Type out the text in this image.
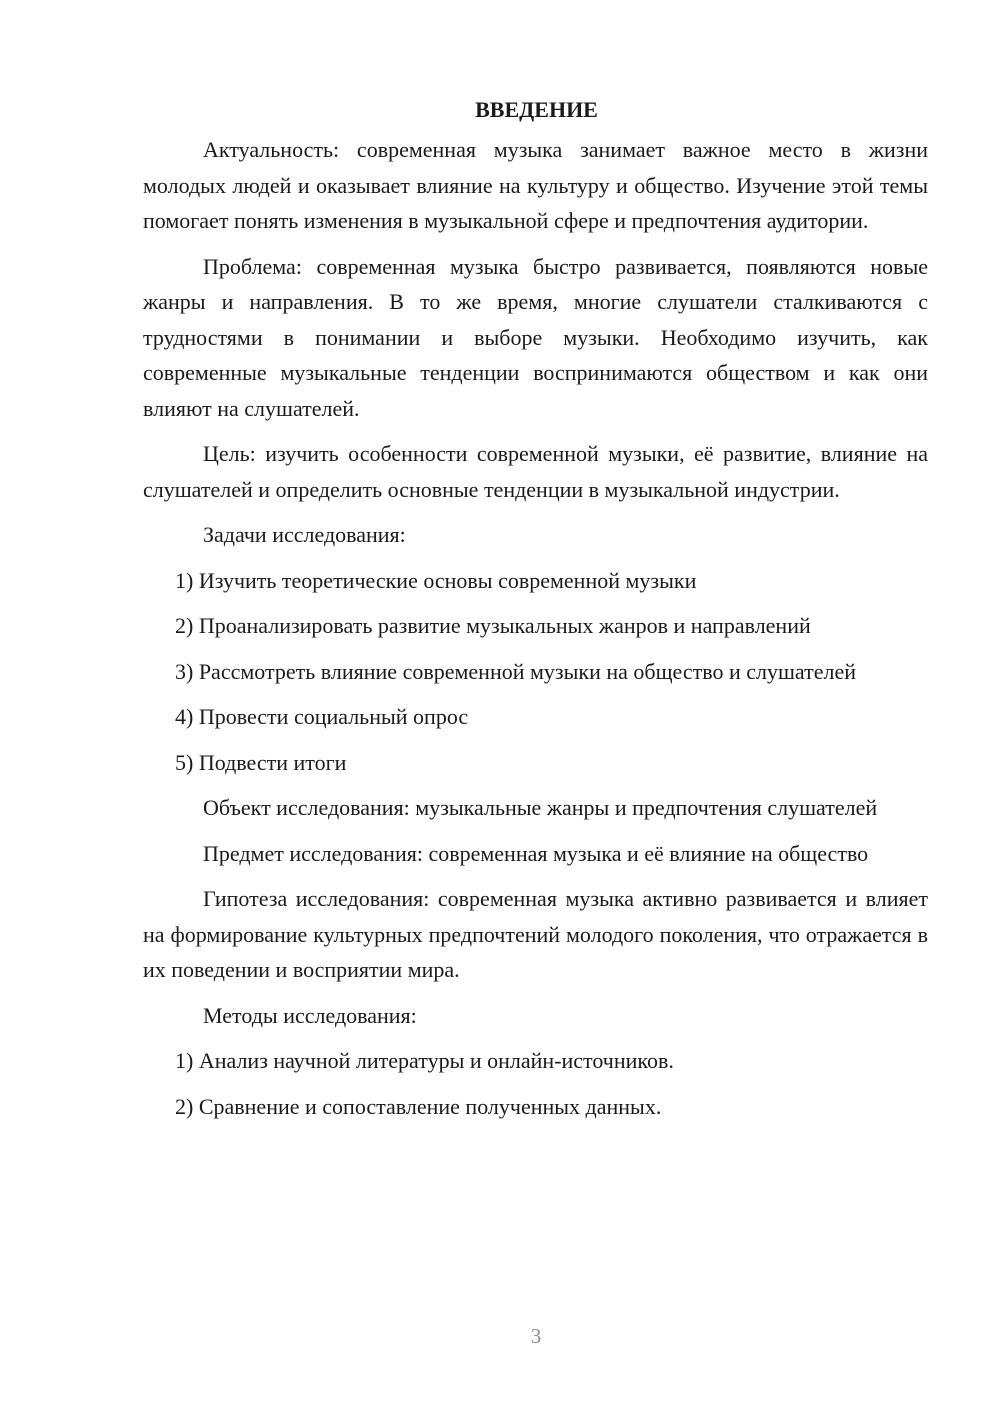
ВВЕДЕНИЕ

Актуальность: современная музыка занимает важное место в жизни молодых людей и оказывает влияние на культуру и общество. Изучение этой темы помогает понять изменения в музыкальной сфере и предпочтения аудитории.

Проблема: современная музыка быстро развивается, появляются новые жанры и направления. В то же время, многие слушатели сталкиваются с трудностями в понимании и выборе музыки. Необходимо изучить, как современные музыкальные тенденции воспринимаются обществом и как они влияют на слушателей.

Цель: изучить особенности современной музыки, её развитие, влияние на слушателей и определить основные тенденции в музыкальной индустрии.

Задачи исследования:

1) Изучить теоретические основы современной музыки

2) Проанализировать развитие музыкальных жанров и направлений

3) Рассмотреть влияние современной музыки на общество и слушателей

4) Провести социальный опрос

5) Подвести итоги

Объект исследования: музыкальные жанры и предпочтения слушателей

Предмет исследования: современная музыка и её влияние на общество

Гипотеза исследования: современная музыка активно развивается и влияет на формирование культурных предпочтений молодого поколения, что отражается в их поведении и восприятии мира.

Методы исследования:

1) Анализ научной литературы и онлайн-источников.

2) Сравнение и сопоставление полученных данных.

3
